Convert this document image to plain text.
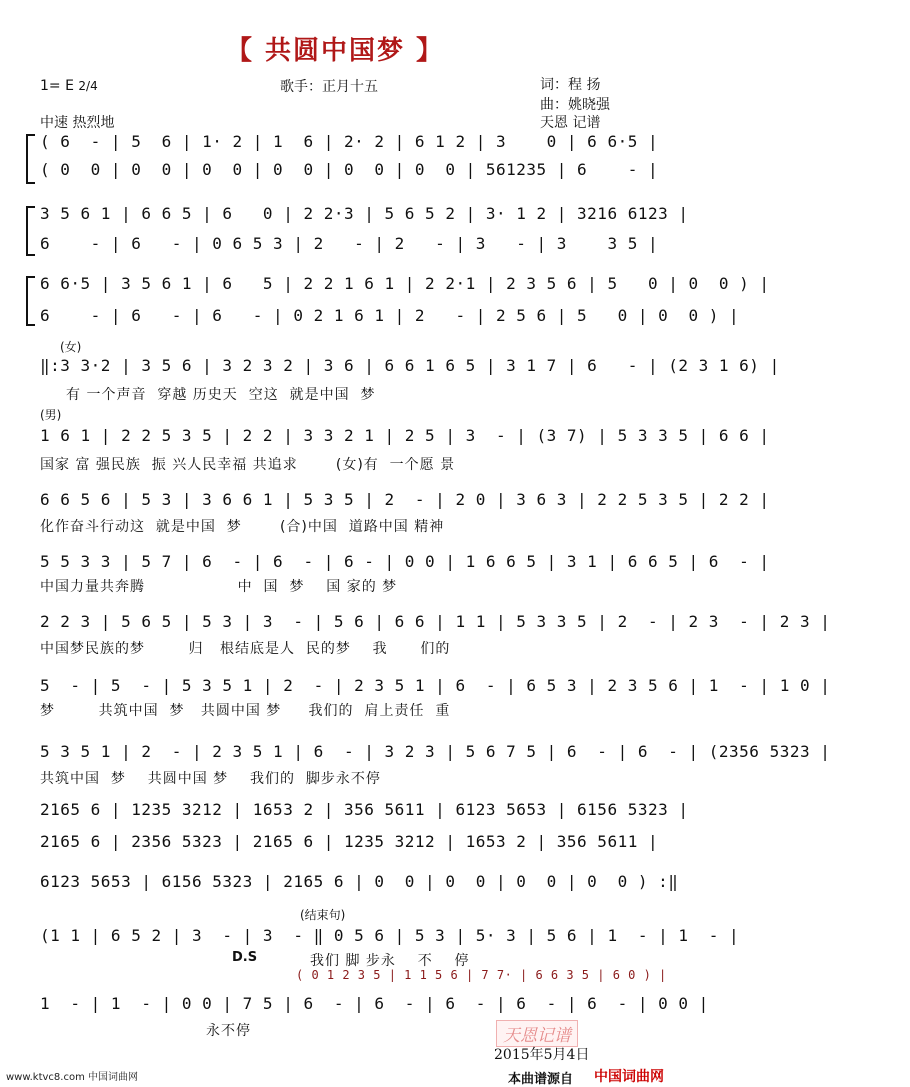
【 共圆中国梦 】
1= E 2/4	歌手：正月十五	词：程 扬
曲：姚晓强
天恩 记谱
中速 热烈地
( 6  - | 5  6 | 1· 2 | 1  6 | 2· 2 | 6 1 2 | 3    0 | 6 6·5 |
( 0  0 | 0  0 | 0  0 | 0  0 | 0  0 | 0  0 | 561235 | 6    - |
3 5 6 1 | 6 6 5 | 6   0 | 2 2·3 | 5 6 5 2 | 3· 1 2 | 3216 6123 |
6    - | 6   - | 0 6 5 3 | 2   - | 2   - | 3   - | 3    3 5 |
6 6·5 | 3 5 6 1 | 6   5 | 2 2 1 6 1 | 2 2·1 | 2 3 5 6 | 5   0 | 0  0 ) |
6    - | 6   - | 6   - | 0 2 1 6 1 | 2   - | 2 5 6 | 5   0 | 0  0 ) |
(女)
‖:3 3·2 | 3 5 6 | 3 2 3 2 | 3 6 | 6 6 1 6 5 | 3 1 7 | 6   - | (2 3 1 6) |
有 一个声音  穿越 历史天  空这  就是中国  梦
(男)
1 6 1 | 2 2 5 3 5 | 2 2 | 3 3 2 1 | 2 5 | 3  - | (3 7) | 5 3 3 5 | 6 6 |
国家 富 强民族  振 兴人民幸福 共追求       (女)有  一个愿 景
6 6 5 6 | 5 3 | 3 6 6 1 | 5 3 5 | 2  - | 2 0 | 3 6 3 | 2 2 5 3 5 | 2 2 |
化作奋斗行动这  就是中国  梦       (合)中国  道路中国 精神
5 5 3 3 | 5 7 | 6  - | 6  - | 6 - | 0 0 | 1 6 6 5 | 3 1 | 6 6 5 | 6  - |
中国力量共奔腾                 中  国  梦    国 家的 梦
2 2 3 | 5 6 5 | 5 3 | 3  - | 5 6 | 6 6 | 1 1 | 5 3 3 5 | 2  - | 2 3  - | 2 3 |
中国梦民族的梦        归   根结底是人  民的梦    我      们的
5  - | 5  - | 5 3 5 1 | 2  - | 2 3 5 1 | 6  - | 6 5 3 | 2 3 5 6 | 1  - | 1 0 |
梦        共筑中国  梦   共圆中国 梦     我们的  肩上责任  重
5 3 5 1 | 2  - | 2 3 5 1 | 6  - | 3 2 3 | 5 6 7 5 | 6  - | 6  - | (2356 5323 |
共筑中国  梦    共圆中国 梦    我们的  脚步永不停
2165 6 | 1235 3212 | 1653 2 | 356 5611 | 6123 5653 | 6156 5323 |
2165 6 | 2356 5323 | 2165 6 | 1235 3212 | 1653 2 | 356 5611 |
6123 5653 | 6156 5323 | 2165 6 | 0  0 | 0  0 | 0  0 | 0  0 ) :‖
(结束句)
(1 1 | 6 5 2 | 3  - | 3  - ‖ 0 5 6 | 5 3 | 5· 3 | 5 6 | 1  - | 1  - |
D.S	我们 脚 步永    不    停
( 0 1 2 3 5 | 1 1 5 6 | 7 7· | 6 6 3 5 | 6 0 ) |
1  - | 1  - | 0 0 | 7 5 | 6  - | 6  - | 6  - | 6  - | 6  - | 0 0 |
永不停	天恩记谱
2015年5月4日
www.ktvc8.com 中国词曲网	本曲谱源自 中国词曲网
